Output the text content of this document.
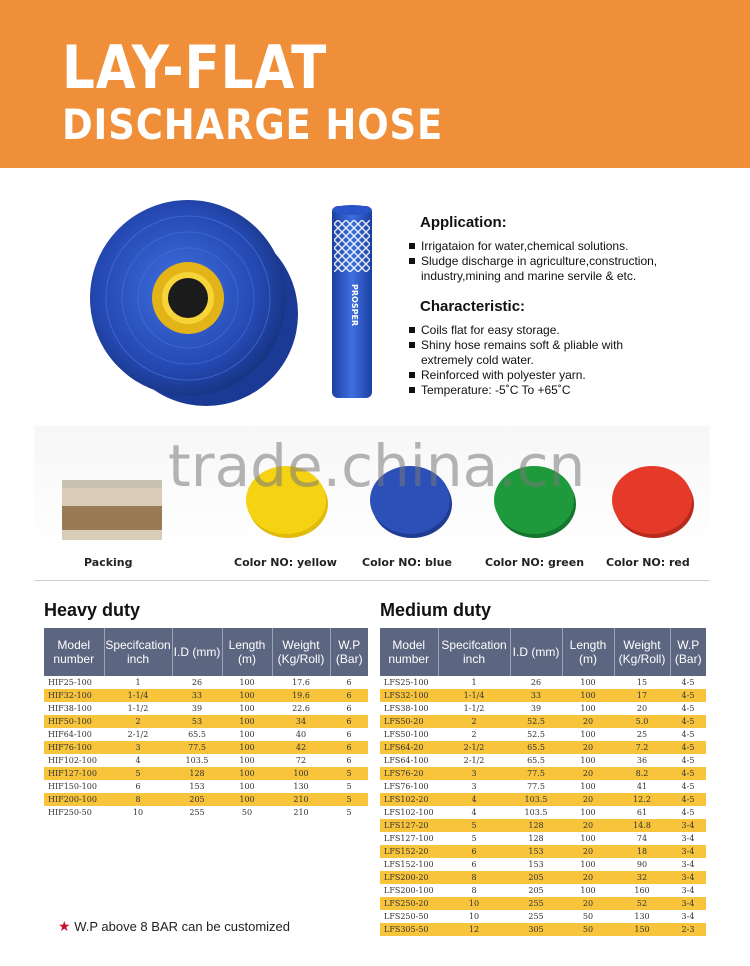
LAY-FLAT
DISCHARGE HOSE
PROSPER
Application:
Irrigataion for water,chemical solutions.
Sludge discharge in agriculture,construction,
industry,mining and marine servile & etc.
Characteristic:
Coils flat for easy storage.
Shiny hose remains soft & pliable with
extremely cold water.
Reinforced with polyester yarn.
Temperature: -5˚C To +65˚C
trade.china.cn
Packing	Color NO: yellow Color NO: blue	Color NO: green Color NO: red
Heavy duty
Model number	Specifcation inch	I.D (mm)	Length (m)	Weight (Kg/Roll)	W.P (Bar)
HIF25-100	1	26	100	17.6	6
HIF32-100	1-1/4	33	100	19.6	6
HIF38-100	1-1/2	39	100	22.6	6
HIF50-100	2	53	100	34	6
HIF64-100	2-1/2	65.5	100	40	6
HIF76-100	3	77.5	100	42	6
HIF102-100	4	103.5	100	72	6
HIF127-100	5	128	100	100	5
HIF150-100	6	153	100	130	5
HIF200-100	8	205	100	210	5
HIF250-50	10	255	50	210	5
Medium duty
Model number	Specifcation inch	I.D (mm)	Length (m)	Weight (Kg/Roll)	W.P (Bar)
LFS25-100	1	26	100	15	4-5
LFS32-100	1-1/4	33	100	17	4-5
LFS38-100	1-1/2	39	100	20	4-5
LFS50-20	2	52.5	20	5.0	4-5
LFS50-100	2	52.5	100	25	4-5
LFS64-20	2-1/2	65.5	20	7.2	4-5
LFS64-100	2-1/2	65.5	100	36	4-5
LFS76-20	3	77.5	20	8.2	4-5
LFS76-100	3	77.5	100	41	4-5
LFS102-20	4	103.5	20	12.2	4-5
LFS102-100	4	103.5	100	61	4-5
LFS127-20	5	128	20	14.8	3-4
LFS127-100	5	128	100	74	3-4
LFS152-20	6	153	20	18	3-4
LFS152-100	6	153	100	90	3-4
LFS200-20	8	205	20	32	3-4
LFS200-100	8	205	100	160	3-4
LFS250-20	10	255	20	52	3-4
LFS250-50	10	255	50	130	3-4
LFS305-50	12	305	50	150	2-3
★ W.P above 8 BAR can be customized
